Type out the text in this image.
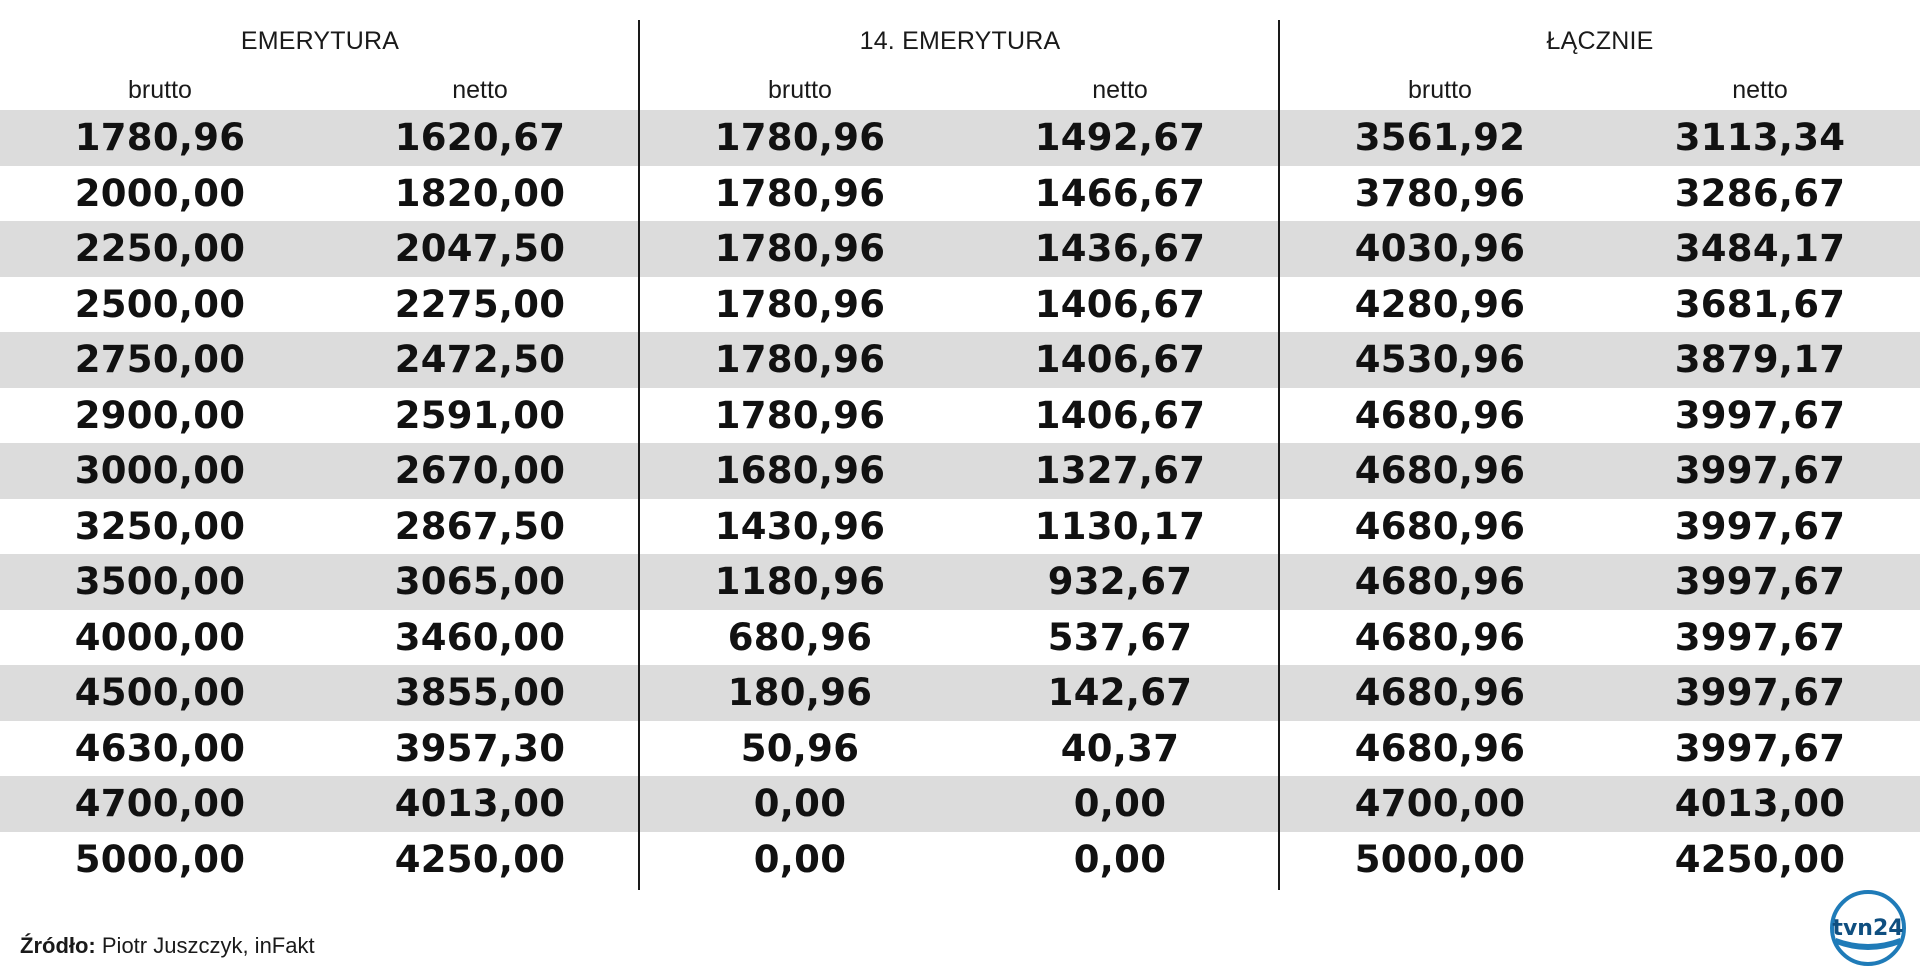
EMERYTURA	14. EMERYTURA	ŁĄCZNIE
brutto	netto	brutto	netto	brutto	netto
1780,96	1620,67	1780,96	1492,67	3561,92	3113,34
2000,00	1820,00	1780,96	1466,67	3780,96	3286,67
2250,00	2047,50	1780,96	1436,67	4030,96	3484,17
2500,00	2275,00	1780,96	1406,67	4280,96	3681,67
2750,00	2472,50	1780,96	1406,67	4530,96	3879,17
2900,00	2591,00	1780,96	1406,67	4680,96	3997,67
3000,00	2670,00	1680,96	1327,67	4680,96	3997,67
3250,00	2867,50	1430,96	1130,17	4680,96	3997,67
3500,00	3065,00	1180,96	932,67	4680,96	3997,67
4000,00	3460,00	680,96	537,67	4680,96	3997,67
4500,00	3855,00	180,96	142,67	4680,96	3997,67
4630,00	3957,30	50,96	40,37	4680,96	3997,67
4700,00	4013,00	0,00	0,00	4700,00	4013,00
5000,00	4250,00	0,00	0,00	5000,00	4250,00
Źródło: Piotr Juszczyk, inFakt
tvn24
